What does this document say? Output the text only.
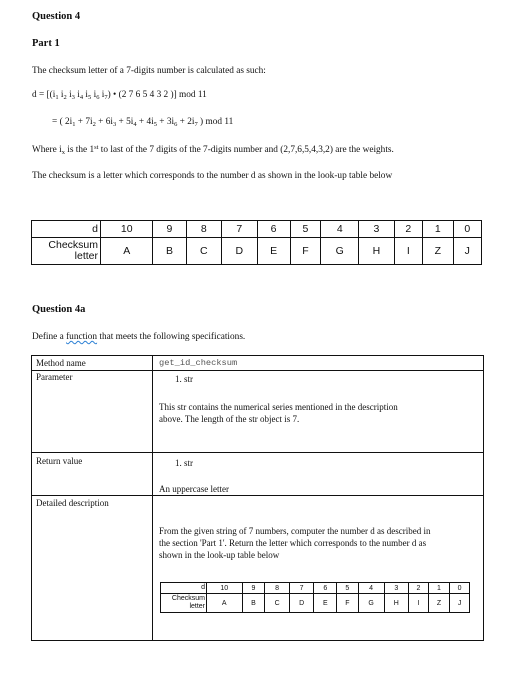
Question 4
Part 1
The checksum letter of a 7-digits number is calculated as such:
$d = [(i_1$ $i_2$ $i_3$ $i_4$ $i_5$ $i_6$ $i_7$) • (2 7 6 5 4 3 2 )] mod 11
= ( $2i_1 + 7i_2 + 6i_3 + 5i_4 + 4i_5 + 3i_6 + 2i_7$ ) mod 11
Where $i_x$ is the 1st to last of the 7 digits of the 7-digits number and (2,7,6,5,4,3,2) are the weights.
The checksum is a letter which corresponds to the number d as shown in the look-up table below
d	10	9	8	7	6	5	4	3	2	1	0
Checksum
letter	A	B	C	D	E	F	G	H	I	Z	J
Question 4a
Define a function that meets the following specifications.
Method name	get_id_checksum
Parameter	1. str
This str contains the numerical series mentioned in the description
above. The length of the str object is 7.
Return value	1. str
An uppercase letter
Detailed description
From the given string of 7 numbers, computer the number d as described in
the section 'Part 1'. Return the letter which corresponds to the number d as
shown in the look-up table below
d	10	9	8	7	6	5	4	3	2	1	0
Checksum
letter	A	B	C	D	E	F	G	H	I	Z	J
